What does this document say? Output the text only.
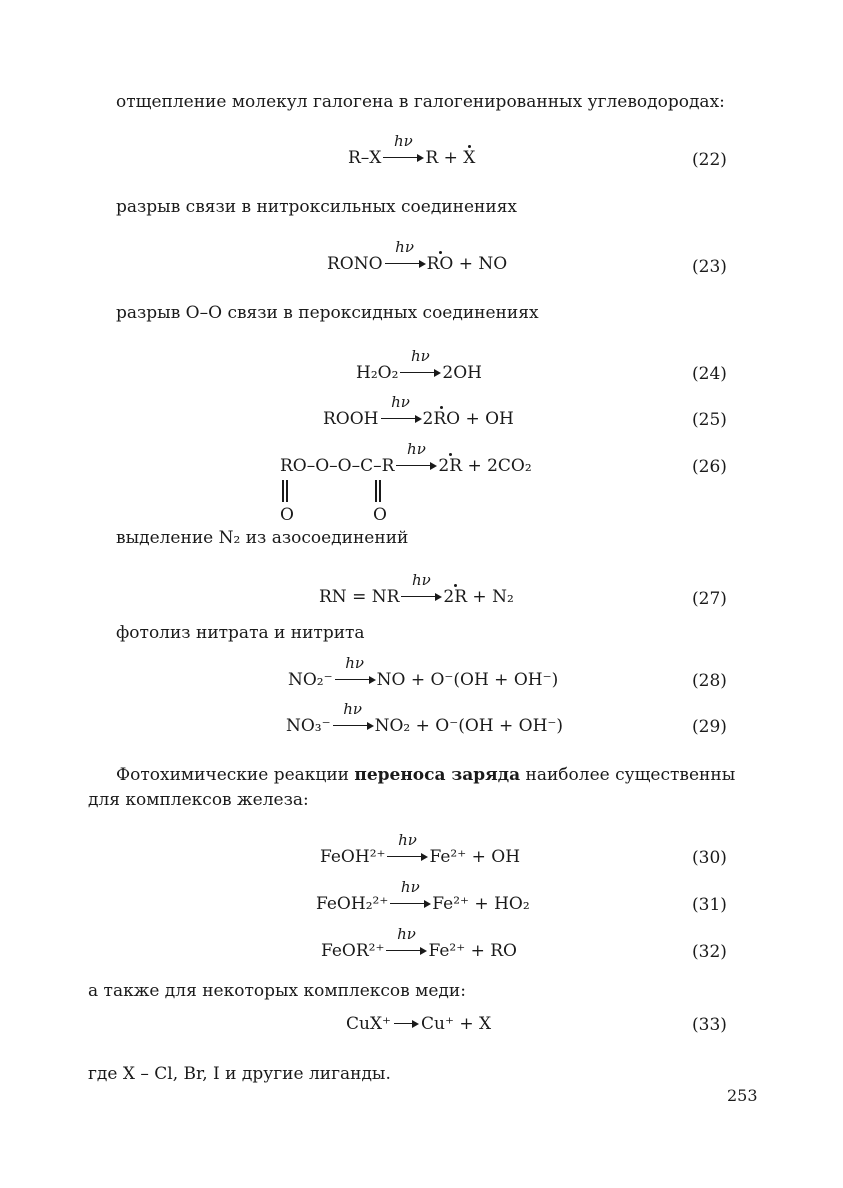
отщепление молекул галогена в галогенированных углеводородах:
R–X
hν
R + X	(22)
разрыв связи в нитроксильных соединениях
RONO
hν
RO + NO	(23)
разрыв О–О связи в пероксидных соединениях
H₂O₂
hν
2OH	(24)
ROOH
hν
2RO + OH	(25)
RO–O–O–C–R
hν
2R + 2CO₂	(26)
O	O
выделение N₂ из азосоединений
RN = NR
hν
2R + N₂	(27)
фотолиз нитрата и нитрита
NO₂⁻
hν
NO + O⁻(OH + OH⁻)	(28)
NO₃⁻
hν
NO₂ + O⁻(OH + OH⁻)	(29)
Фотохимические реакции переноса заряда наиболее существенны
для комплексов железа:
FeOH²⁺
hν
Fe²⁺ + OH	(30)
FeOH₂²⁺
hν
Fe²⁺ + HO₂	(31)
FeOR²⁺
hν
Fe²⁺ + RO	(32)
а также для некоторых комплексов меди:
CuX⁺ Cu⁺ + X	(33)
где X – Cl, Br, I и другие лиганды.
253
